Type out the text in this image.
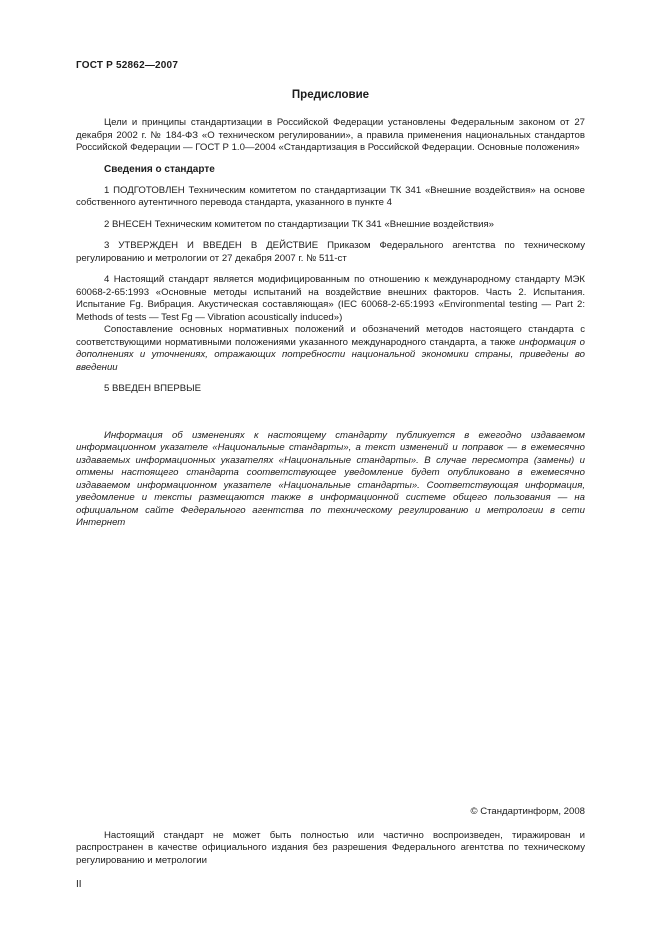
ГОСТ Р 52862—2007
Предисловие

Цели и принципы стандартизации в Российской Федерации установлены Федеральным законом от 27 декабря 2002 г. № 184-ФЗ «О техническом регулировании», а правила применения национальных стандартов Российской Федерации — ГОСТ Р 1.0—2004 «Стандартизация в Российской Федерации. Основные положения»

Сведения о стандарте

1 ПОДГОТОВЛЕН Техническим комитетом по стандартизации ТК 341 «Внешние воздействия» на основе собственного аутентичного перевода стандарта, указанного в пункте 4

2 ВНЕСЕН Техническим комитетом по стандартизации ТК 341 «Внешние воздействия»

3 УТВЕРЖДЕН И ВВЕДЕН В ДЕЙСТВИЕ Приказом Федерального агентства по техническому регулированию и метрологии от 27 декабря 2007 г. № 511-ст

4 Настоящий стандарт является модифицированным по отношению к международному стандарту МЭК 60068-2-65:1993 «Основные методы испытаний на воздействие внешних факторов. Часть 2. Испытания. Испытание Fg. Вибрация. Акустическая составляющая» (IEC 60068-2-65:1993 «Environmental testing — Part 2: Methods of tests — Test Fg — Vibration acoustically induced»)

Сопоставление основных нормативных положений и обозначений методов настоящего стандарта с соответствующими нормативными положениями указанного международного стандарта, а также информация о дополнениях и уточнениях, отражающих потребности национальной экономики страны, приведены во введении

5 ВВЕДЕН ВПЕРВЫЕ

Информация об изменениях к настоящему стандарту публикуется в ежегодно издаваемом информационном указателе «Национальные стандарты», а текст изменений и поправок — в ежемесячно издаваемых информационных указателях «Национальные стандарты». В случае пересмотра (замены) и отмены настоящего стандарта соответствующее уведомление будет опубликовано в ежемесячно издаваемом информационном указателе «Национальные стандарты». Соответствующая информация, уведомление и тексты размещаются также в информационной системе общего пользования — на официальном сайте Федерального агентства по техническому регулированию и метрологии в сети Интернет

© Стандартинформ, 2008

Настоящий стандарт не может быть полностью или частично воспроизведен, тиражирован и распространен в качестве официального издания без разрешения Федерального агентства по техническому регулированию и метрологии

II
